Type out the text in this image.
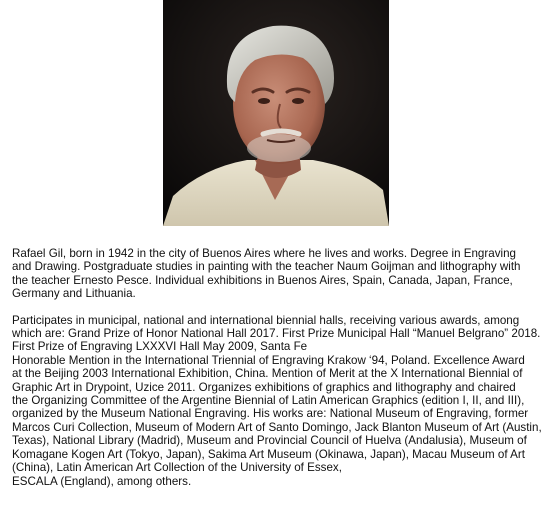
Rafael Gil, born in 1942 in the city of Buenos Aires where he lives and works. Degree in Engraving
and Drawing. Postgraduate studies in painting with the teacher Naum Goijman and lithography with
the teacher Ernesto Pesce. Individual exhibitions in Buenos Aires, Spain, Canada, Japan, France,
Germany and Lithuania.

Participates in municipal, national and international biennial halls, receiving various awards, among
which are: Grand Prize of Honor National Hall 2017. First Prize Municipal Hall “Manuel Belgrano” 2018.
First Prize of Engraving LXXXVI Hall May 2009, Santa Fe
Honorable Mention in the International Triennial of Engraving Krakow ‘94, Poland. Excellence Award
at the Beijing 2003 International Exhibition, China. Mention of Merit at the X International Biennial of
Graphic Art in Drypoint, Uzice 2011. Organizes exhibitions of graphics and lithography and chaired
the Organizing Committee of the Argentine Biennial of Latin American Graphics (edition I, II, and III),
organized by the Museum National Engraving. His works are: National Museum of Engraving, former
Marcos Curi Collection, Museum of Modern Art of Santo Domingo, Jack Blanton Museum of Art (Austin,
Texas), National Library (Madrid), Museum and Provincial Council of Huelva (Andalusia), Museum of
Komagane Kogen Art (Tokyo, Japan), Sakima Art Museum (Okinawa, Japan), Macau Museum of Art
(China), Latin American Art Collection of the University of Essex,
ESCALA (England), among others.
